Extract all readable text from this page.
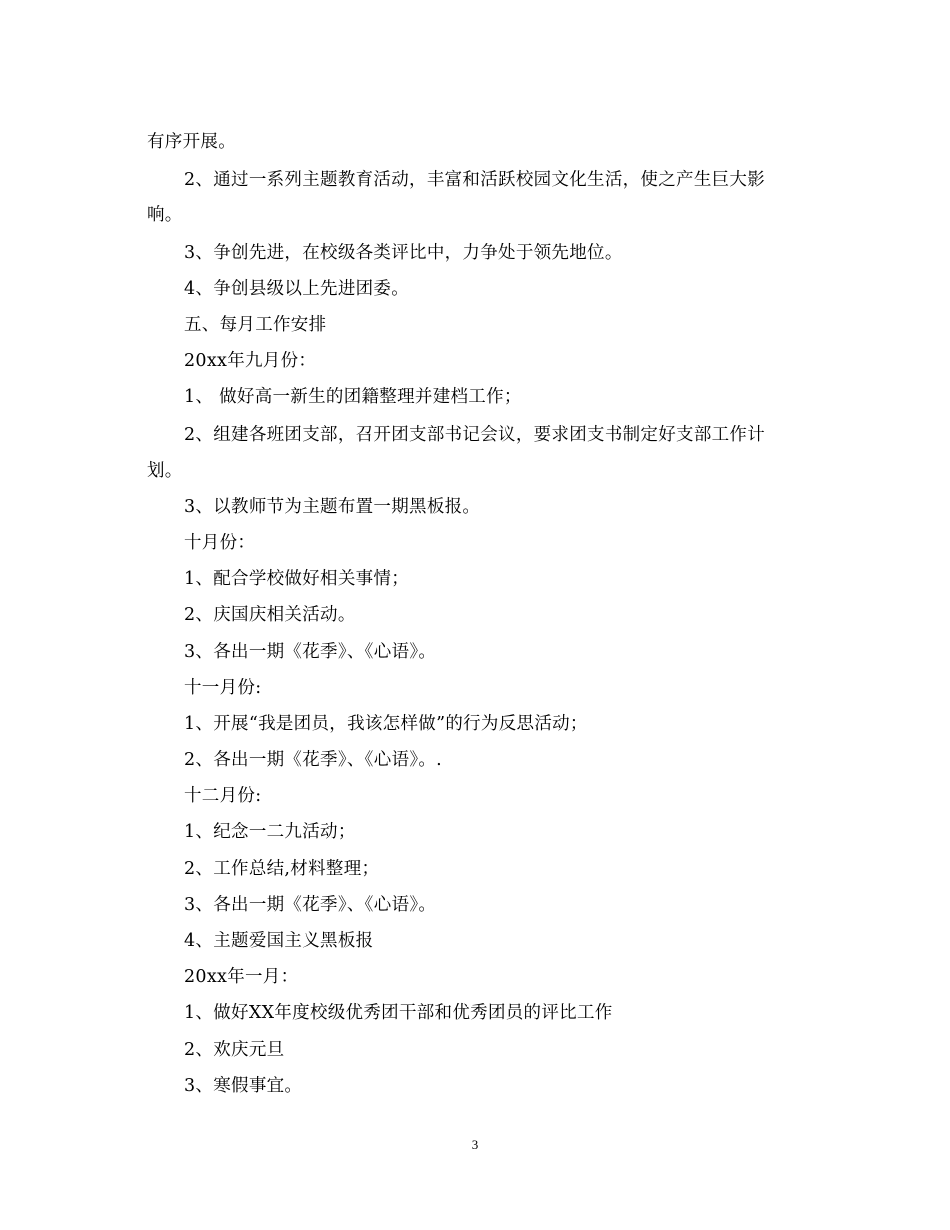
有序开展。
2、通过一系列主题教育活动，丰富和活跃校园文化生活，使之产生巨大影
响。
3、争创先进，在校级各类评比中，力争处于领先地位。
4、争创县级以上先进团委。
五、每月工作安排
20xx年九月份：
1、 做好高一新生的团籍整理并建档工作；
2、组建各班团支部，召开团支部书记会议，要求团支书制定好支部工作计
划。
3、以教师节为主题布置一期黑板报。
十月份：
1、配合学校做好相关事情；
2、庆国庆相关活动。
3、各出一期《花季》、《心语》。
十一月份:
1、开展“我是团员，我该怎样做”的行为反思活动；
2、各出一期《花季》、《心语》。.
十二月份:
1、纪念一二九活动；
2、工作总结,材料整理；
3、各出一期《花季》、《心语》。
4、主题爱国主义黑板报
20xx年一月：
1、做好XX年度校级优秀团干部和优秀团员的评比工作
2、欢庆元旦
3、寒假事宜。
3
